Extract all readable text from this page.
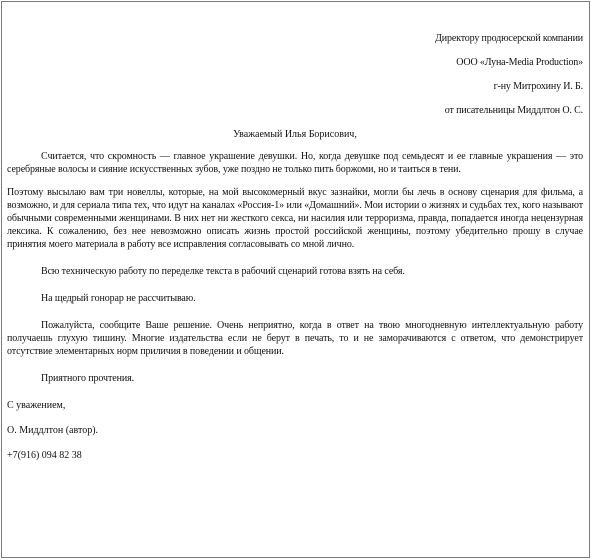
Директору продюсерской компании
ООО «Луна-Media Production»
г-ну Митрохину И. Б.
от писательницы Миддлтон О. С.
Уважаемый Илья Борисович,

Считается, что скромность — главное украшение девушки. Но, когда девушке под семьдесят и ее главные украшения — это серебряные волосы и сияние искусственных зубов, уже поздно не только пить боржоми, но и таиться в тени.

Поэтому высылаю вам три новеллы, которые, на мой высокомерный вкус зазнайки, могли бы лечь в основу сценария для фильма, а возможно, и для сериала типа тех, что идут на каналах «Россия-1» или «Домашний». Мои истории о жизнях и судьбах тех, кого называют обычными современными женщинами. В них нет ни жесткого секса, ни насилия или терроризма, правда, попадается иногда нецензурная лексика. К сожалению, без нее невозможно описать жизнь простой российской женщины, поэтому убедительно прошу в случае принятия моего материала в работу все исправления согласовывать со мной лично.

Всю техническую работу по переделке текста в рабочий сценарий готова взять на себя.

На щедрый гонорар не рассчитываю.

Пожалуйста, сообщите Ваше решение. Очень неприятно, когда в ответ на твою многодневную интеллектуальную работу получаешь глухую тишину. Многие издательства если не берут в печать, то и не заморачиваются с ответом, что демонстрирует отсутствие элементарных норм приличия в поведении и общении.

Приятного прочтения.

С уважением,
О. Миддлтон (автор).
+7(916) 094 82 38
